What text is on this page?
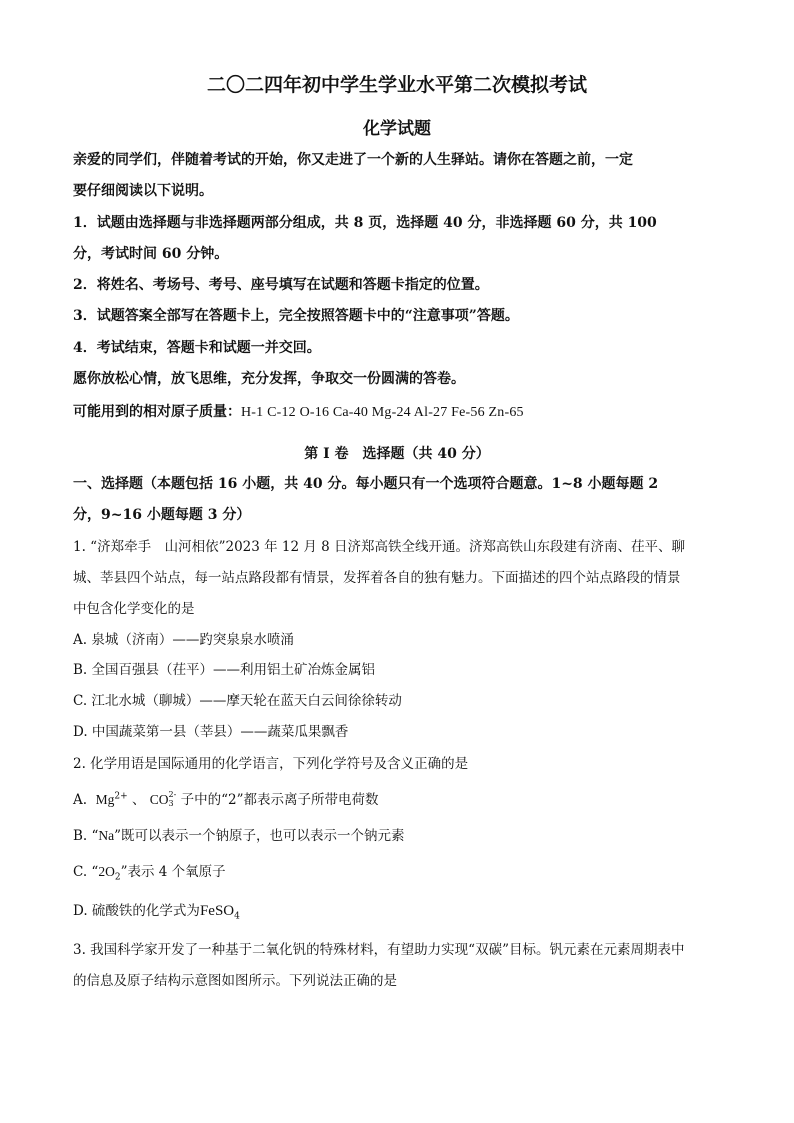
二〇二四年初中学生学业水平第二次模拟考试
化学试题
亲爱的同学们，伴随着考试的开始，你又走进了一个新的人生驿站。请你在答题之前，一定
要仔细阅读以下说明。
1．试题由选择题与非选择题两部分组成，共 8 页，选择题 40 分，非选择题 60 分，共 100
分，考试时间 60 分钟。
2．将姓名、考场号、考号、座号填写在试题和答题卡指定的位置。
3．试题答案全部写在答题卡上，完全按照答题卡中的“注意事项”答题。
4．考试结束，答题卡和试题一并交回。
愿你放松心情，放飞思维，充分发挥，争取交一份圆满的答卷。
可能用到的相对原子质量：H-1 C-12 O-16 Ca-40 Mg-24 Al-27 Fe-56 Zn-65
第 I 卷　选择题（共 40 分）
一、选择题（本题包括 16 小题，共 40 分。每小题只有一个选项符合题意。1~8 小题每题 2
分，9~16 小题每题 3 分）
1. “济郑牵手　山河相依”2023 年 12 月 8 日济郑高铁全线开通。济郑高铁山东段建有济南、茌平、聊
城、莘县四个站点，每一站点路段都有情景，发挥着各自的独有魅力。下面描述的四个站点路段的情景
中包含化学变化的是
A. 泉城（济南）——趵突泉泉水喷涌
B. 全国百强县（茌平）——利用铝土矿冶炼金属铝
C. 江北水城（聊城）——摩天轮在蓝天白云间徐徐转动
D. 中国蔬菜第一县（莘县）——蔬菜瓜果飘香
2. 化学用语是国际通用的化学语言，下列化学符号及含义正确的是
A. $Mg^{2+}$ 、 CO 2-
3 子中的“2”都表示离子所带电荷数
B. “Na”既可以表示一个钠原子，也可以表示一个钠元素
C. “$2O_2$”表示 4 个氧原子
D. 硫酸铁的化学式为FeSO$_4$
3. 我国科学家开发了一种基于二氧化钒的特殊材料，有望助力实现“双碳”目标。钒元素在元素周期表中
的信息及原子结构示意图如图所示。下列说法正确的是
